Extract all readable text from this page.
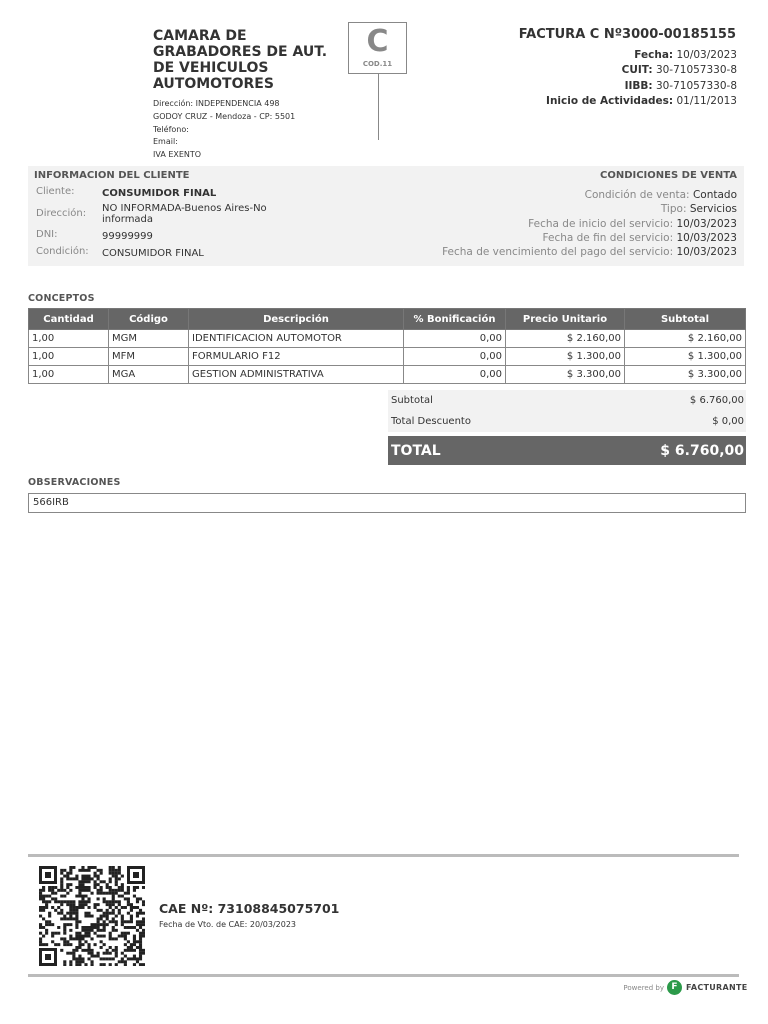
CAMARA DE
GRABADORES DE AUT.
DE VEHICULOS
AUTOMOTORES
Dirección: INDEPENDENCIA 498
GODOY CRUZ - Mendoza - CP: 5501
Teléfono:
Email:
IVA EXENTO
C
COD.11
FACTURA C Nº3000-00185155
Fecha: 10/03/2023
CUIT: 30-71057330-8
IIBB: 30-71057330-8
Inicio de Actividades: 01/11/2013
INFORMACION DEL CLIENTE
Cliente:	CONSUMIDOR FINAL
Dirección: NO INFORMADA-Buenos Aires-No
informada
DNI:	99999999
Condición: CONSUMIDOR FINAL
CONDICIONES DE VENTA
Condición de venta: Contado
Tipo: Servicios
Fecha de inicio del servicio: 10/03/2023
Fecha de fin del servicio: 10/03/2023
Fecha de vencimiento del pago del servicio: 10/03/2023
CONCEPTOS
Cantidad	Código	Descripción	% Bonificación	Precio Unitario	Subtotal
1,00	MGM	IDENTIFICACION AUTOMOTOR	0,00	$ 2.160,00	$ 2.160,00
1,00	MFM	FORMULARIO F12	0,00	$ 1.300,00	$ 1.300,00
1,00	MGA	GESTION ADMINISTRATIVA	0,00	$ 3.300,00	$ 3.300,00
Subtotal	$ 6.760,00
Total Descuento	$ 0,00
TOTAL	$ 6.760,00
OBSERVACIONES
566IRB
CAE Nº: 73108845075701
Fecha de Vto. de CAE: 20/03/2023
Powered by F	FACTURANTE
